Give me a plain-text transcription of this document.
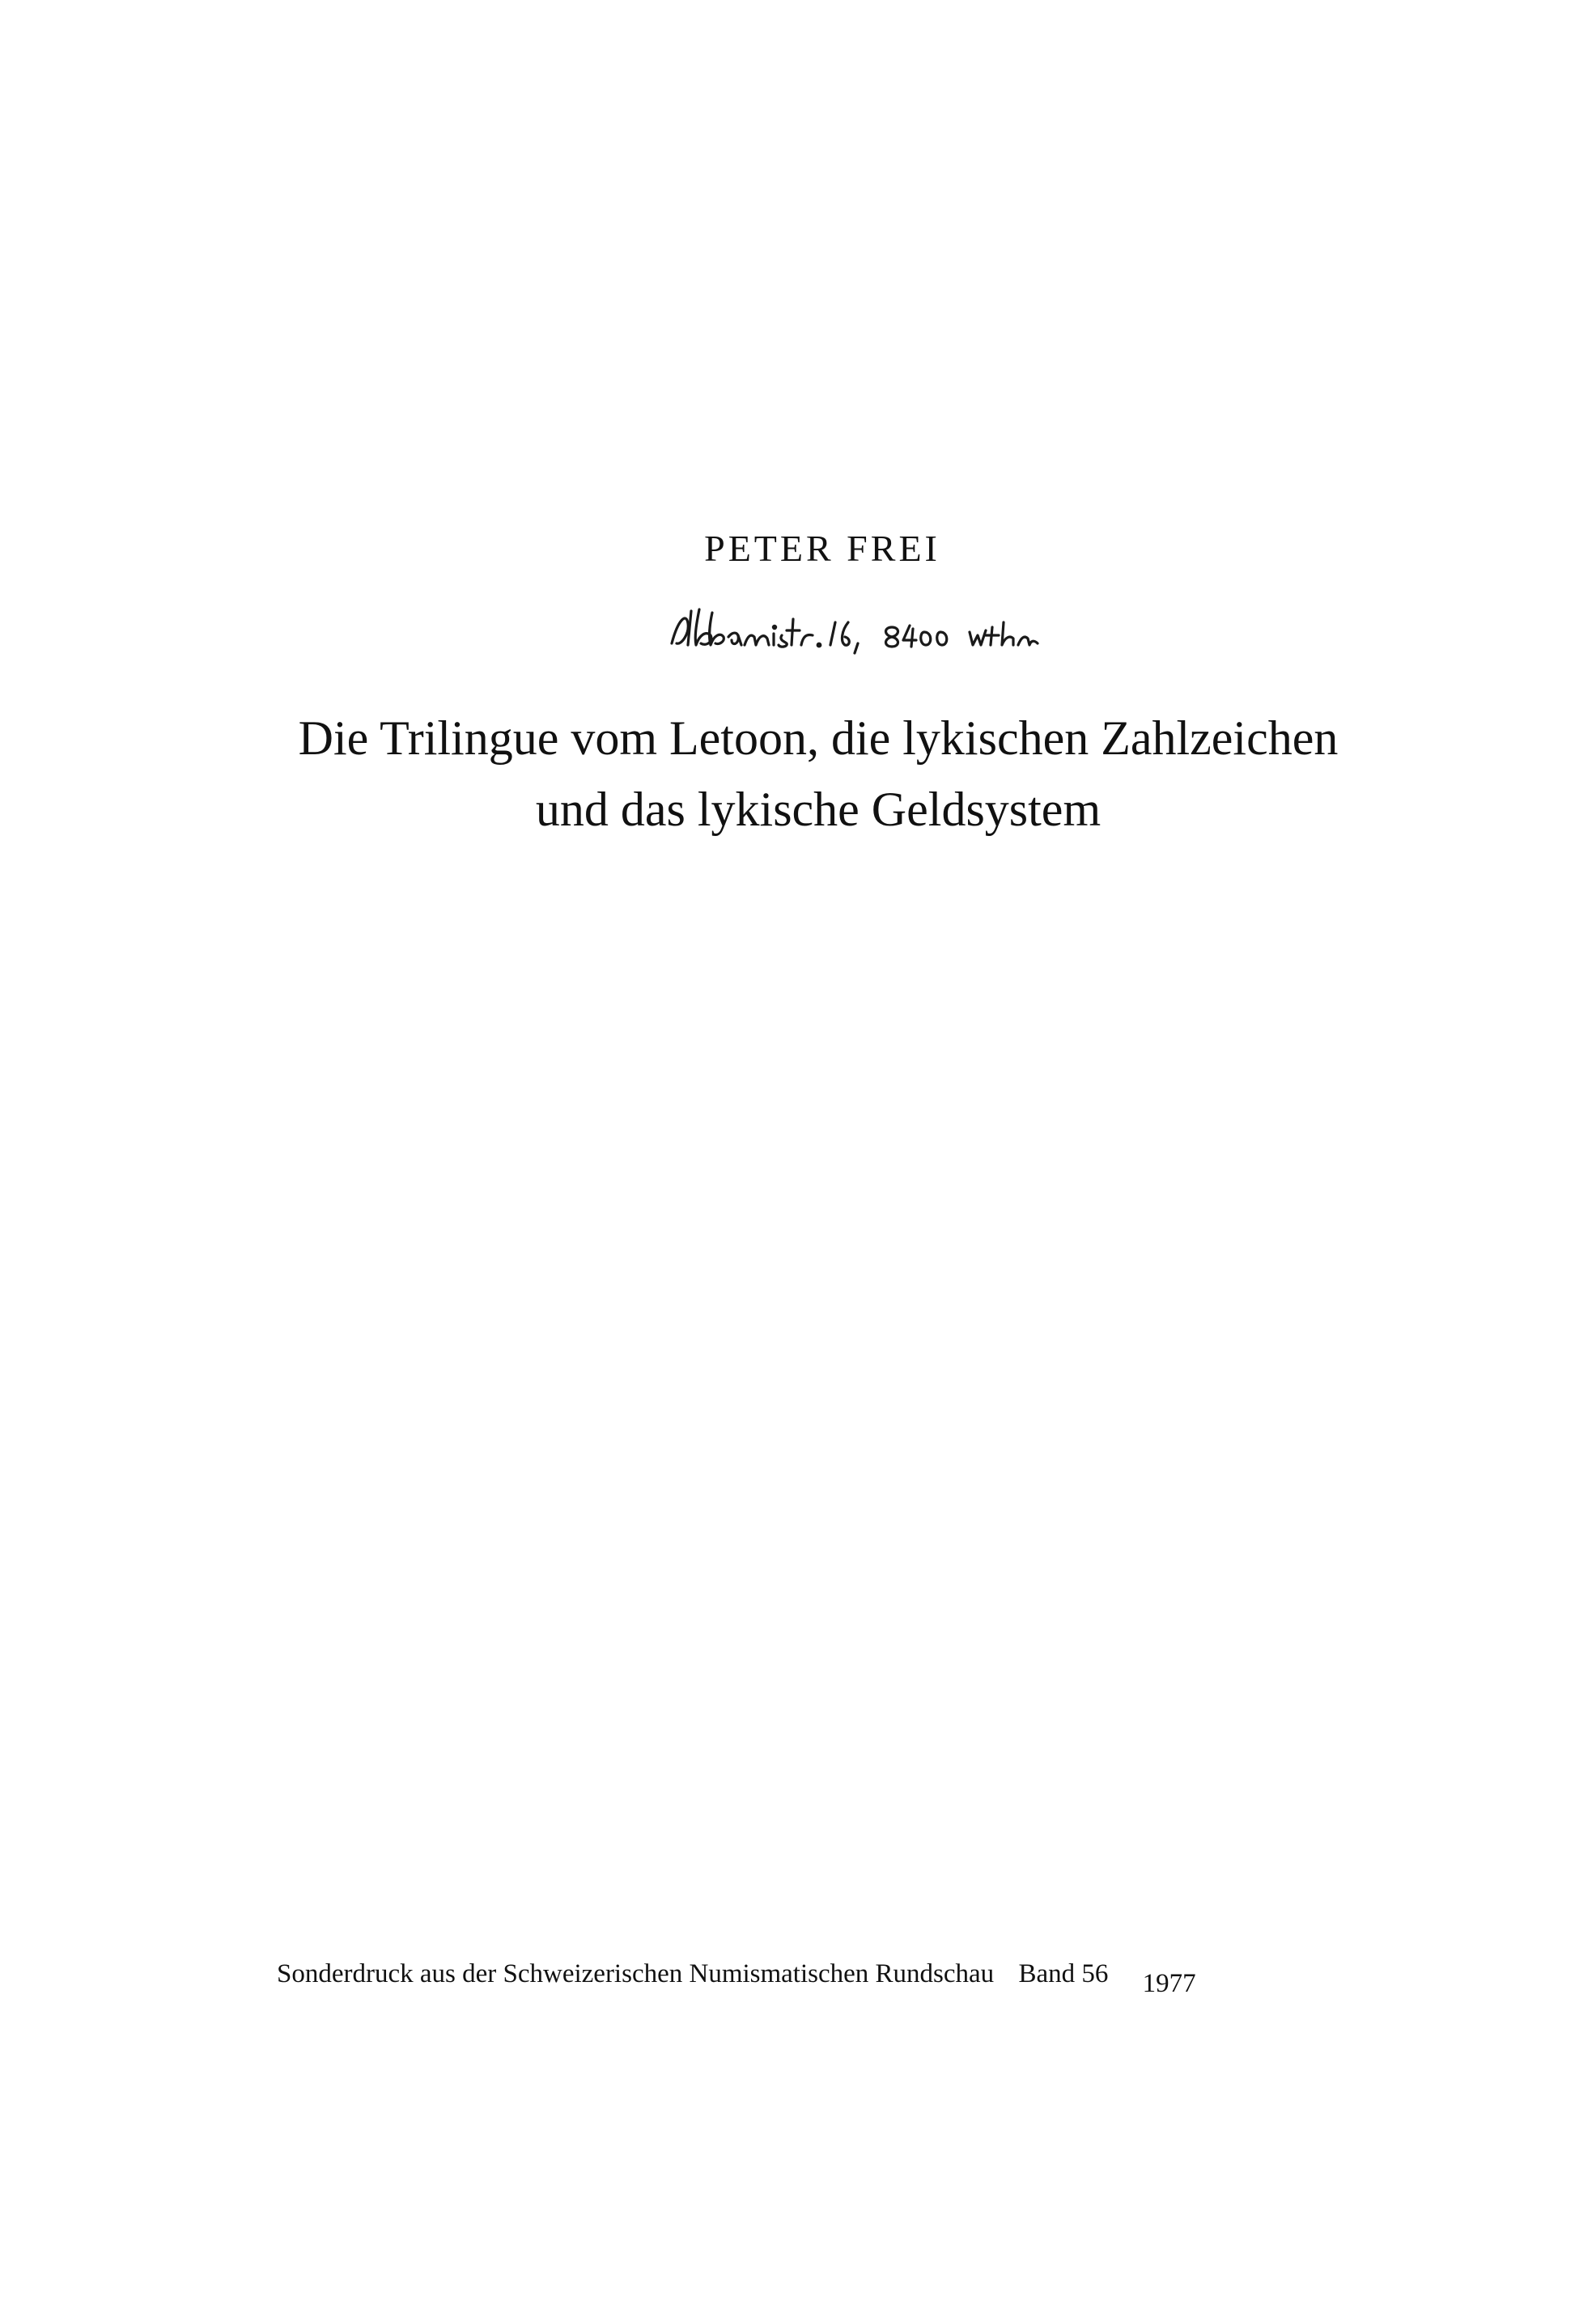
PETER FREI
Die Trilingue vom Letoon, die lykischen Zahlzeichen
und das lykische Geldsystem
Sonderdruck aus der Schweizerischen Numismatischen Rundschau Band 56 1977
